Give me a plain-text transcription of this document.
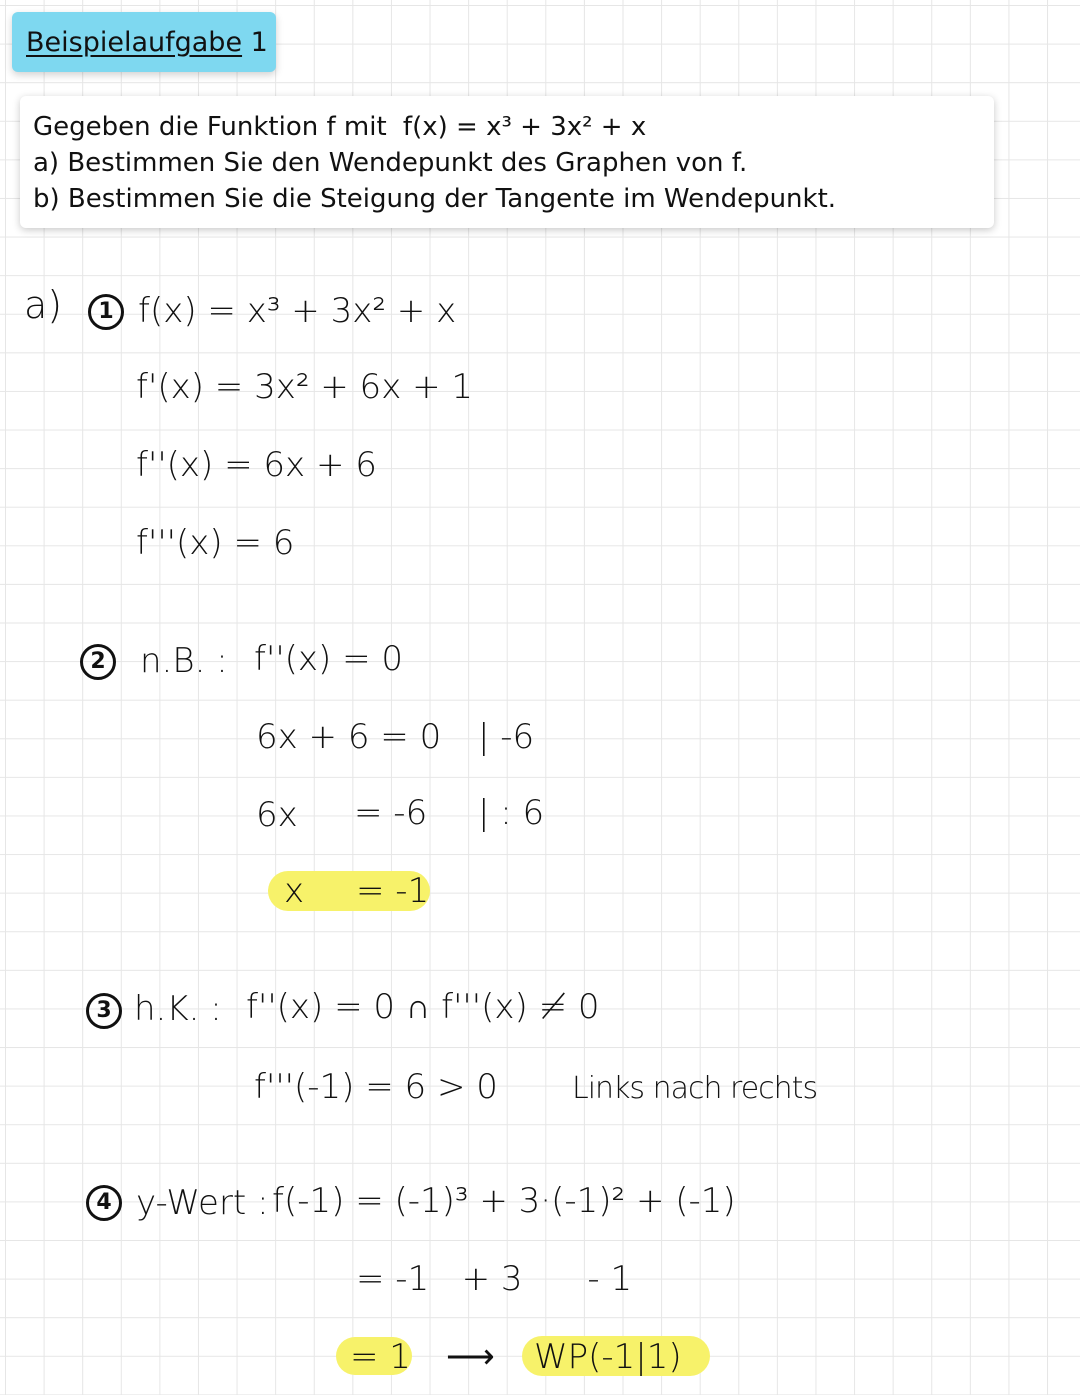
Beispielaufgabe 1
Gegeben die Funktion f mit f(x) = x³ + 3x² + x
a) Bestimmen Sie den Wendepunkt des Graphen von f.
b) Bestimmen Sie die Steigung der Tangente im Wendepunkt.
a)	1 f(x) = x³ + 3x² + x
f'(x) = 3x² + 6x + 1
f''(x) = 6x + 6
f'''(x) = 6
2	n.B. : f''(x) = 0
6x + 6 = 0 | -6
6x = -6 | : 6
x = -1
3 h.K. : f''(x) = 0 ∩ f'''(x) ≠ 0
f'''(-1) = 6 > 0 Links nach rechts
4 y-Wert : f(-1) = (-1)³ + 3·(-1)² + (-1)
= -1   + 3      - 1
= 1 ⟶ WP(-1|1)
